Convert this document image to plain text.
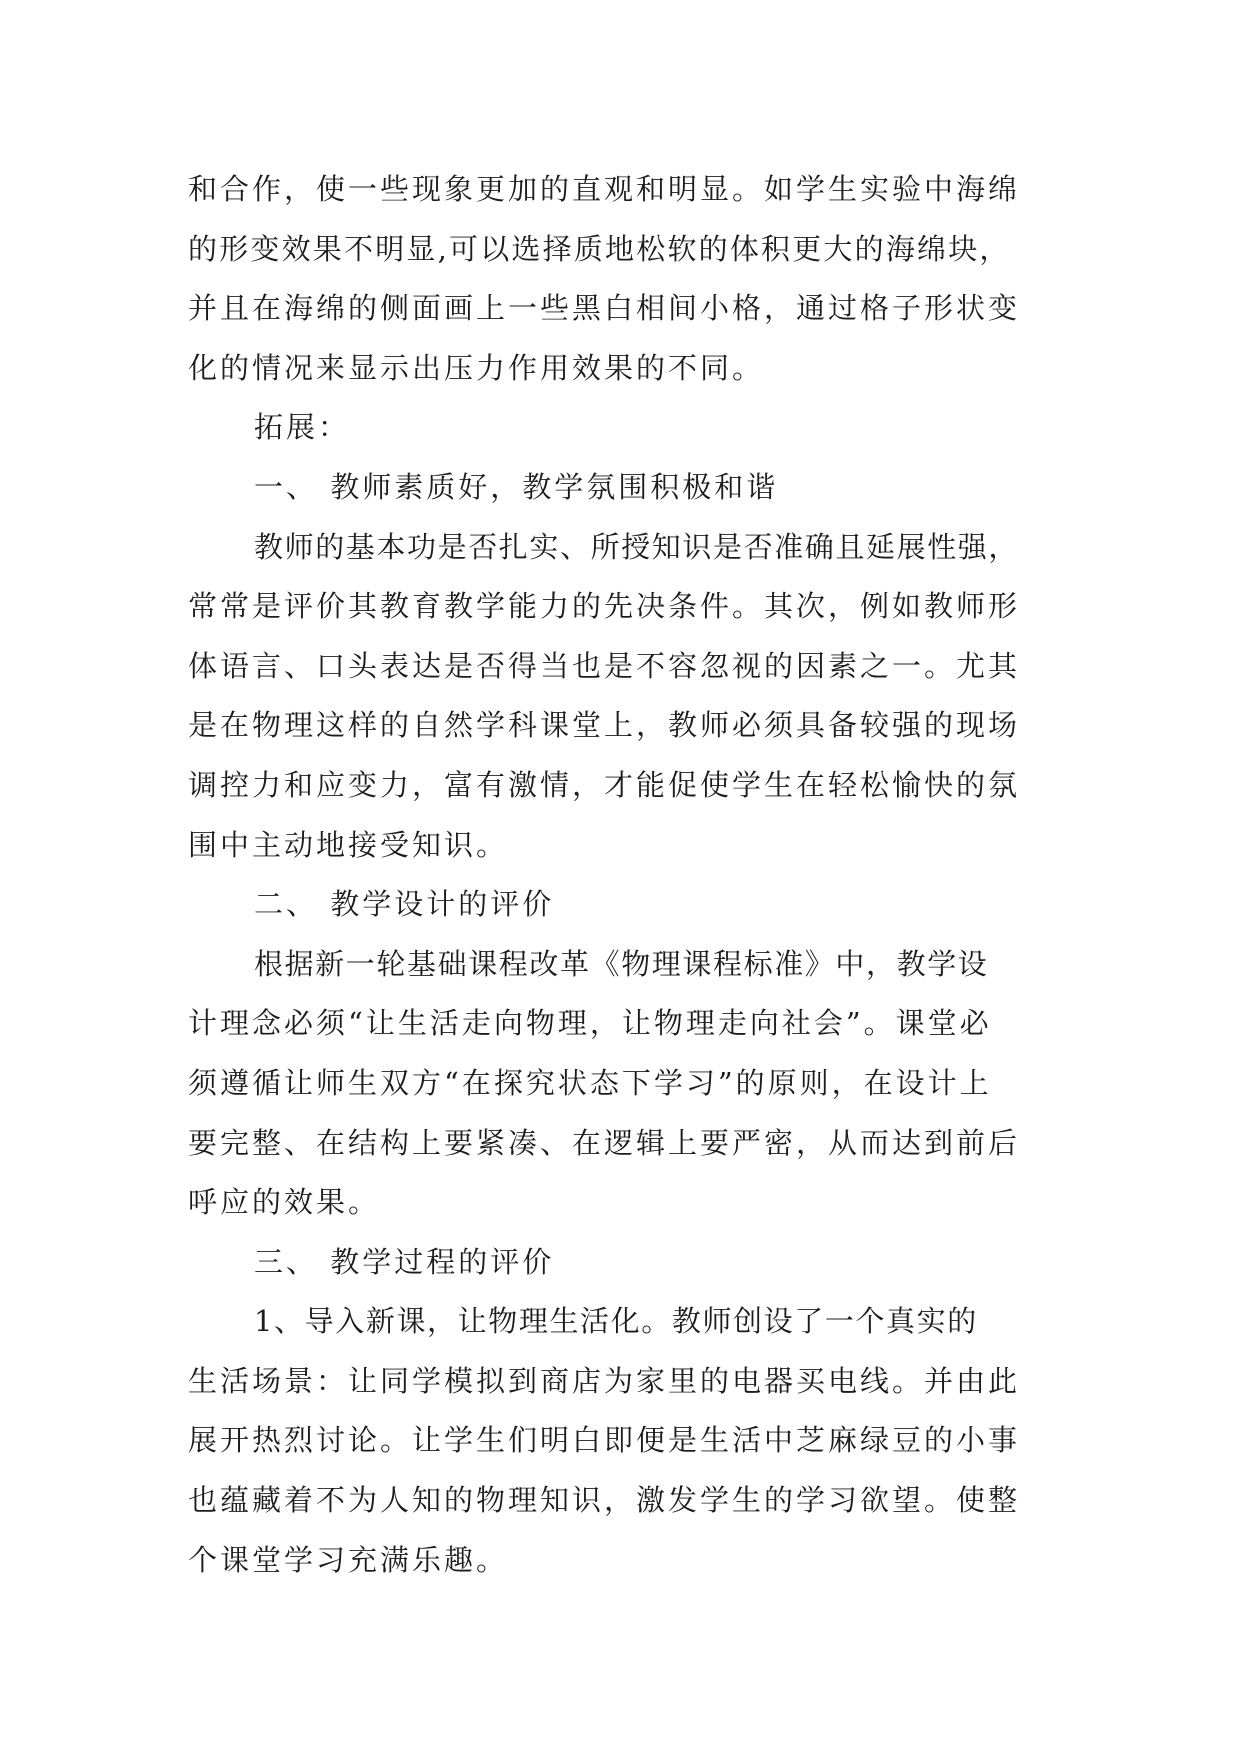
和合作，使一些现象更加的直观和明显。如学生实验中海绵
的形变效果不明显,可以选择质地松软的体积更大的海绵块，
并且在海绵的侧面画上一些黑白相间小格，通过格子形状变
化的情况来显示出压力作用效果的不同。
拓展：
一、 教师素质好，教学氛围积极和谐
教师的基本功是否扎实、所授知识是否准确且延展性强，
常常是评价其教育教学能力的先决条件。其次，例如教师形
体语言、口头表达是否得当也是不容忽视的因素之一。尤其
是在物理这样的自然学科课堂上，教师必须具备较强的现场
调控力和应变力，富有激情，才能促使学生在轻松愉快的氛
围中主动地接受知识。
二、 教学设计的评价
根据新一轮基础课程改革《物理课程标准》中，教学设
计理念必须“让生活走向物理，让物理走向社会”。课堂必
须遵循让师生双方“在探究状态下学习”的原则，在设计上
要完整、在结构上要紧凑、在逻辑上要严密，从而达到前后
呼应的效果。
三、 教学过程的评价
1、导入新课，让物理生活化。教师创设了一个真实的
生活场景：让同学模拟到商店为家里的电器买电线。并由此
展开热烈讨论。让学生们明白即便是生活中芝麻绿豆的小事
也蕴藏着不为人知的物理知识，激发学生的学习欲望。使整
个课堂学习充满乐趣。
